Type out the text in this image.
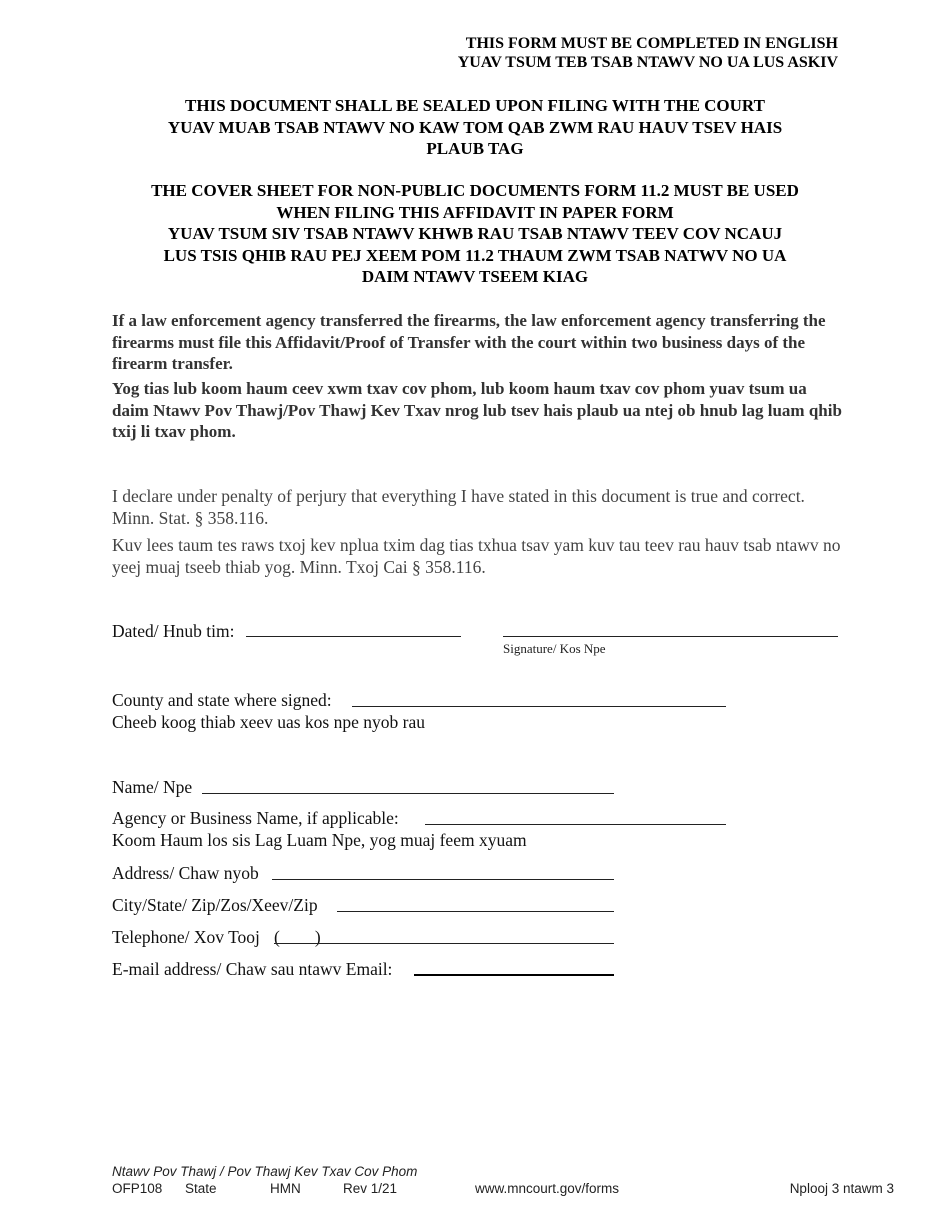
THIS FORM MUST BE COMPLETED IN ENGLISH
YUAV TSUM TEB TSAB NTAWV NO UA LUS ASKIV
THIS DOCUMENT SHALL BE SEALED UPON FILING WITH THE COURT
YUAV MUAB TSAB NTAWV NO KAW TOM QAB ZWM RAU HAUV TSEV HAIS
PLAUB TAG
THE COVER SHEET FOR NON-PUBLIC DOCUMENTS FORM 11.2 MUST BE USED
WHEN FILING THIS AFFIDAVIT IN PAPER FORM
YUAV TSUM SIV TSAB NTAWV KHWB RAU TSAB NTAWV TEEV COV NCAUJ
LUS TSIS QHIB RAU PEJ XEEM POM 11.2 THAUM ZWM TSAB NATWV NO UA
DAIM NTAWV TSEEM KIAG
If a law enforcement agency transferred the firearms, the law enforcement agency transferring the firearms must file this Affidavit/Proof of Transfer with the court within two business days of the firearm transfer.
Yog tias lub koom haum ceev xwm txav cov phom, lub koom haum txav cov phom yuav tsum ua daim Ntawv Pov Thawj/Pov Thawj Kev Txav nrog lub tsev hais plaub ua ntej ob hnub lag luam qhib txij li txav phom.
I declare under penalty of perjury that everything I have stated in this document is true and correct. Minn. Stat. § 358.116.
Kuv lees taum tes raws txoj kev nplua txim dag tias txhua tsav yam kuv tau teev rau hauv tsab ntawv no yeej muaj tseeb thiab yog. Minn. Txoj Cai § 358.116.
Dated/ Hnub tim:
Signature/ Kos Npe
County and state where signed:
Cheeb koog thiab xeev uas kos npe nyob rau
Name/ Npe
Agency or Business Name, if applicable:
Koom Haum los sis Lag Luam Npe, yog muaj feem xyuam
Address/ Chaw nyob
City/State/ Zip/Zos/Xeev/Zip
Telephone/ Xov Tooj (        )
E-mail address/ Chaw sau ntawv Email:
Ntawv Pov Thawj / Pov Thawj Kev Txav Cov Phom
OFP108 State	HMN	Rev 1/21	www.mncourt.gov/forms	Nplooj 3 ntawm 3
